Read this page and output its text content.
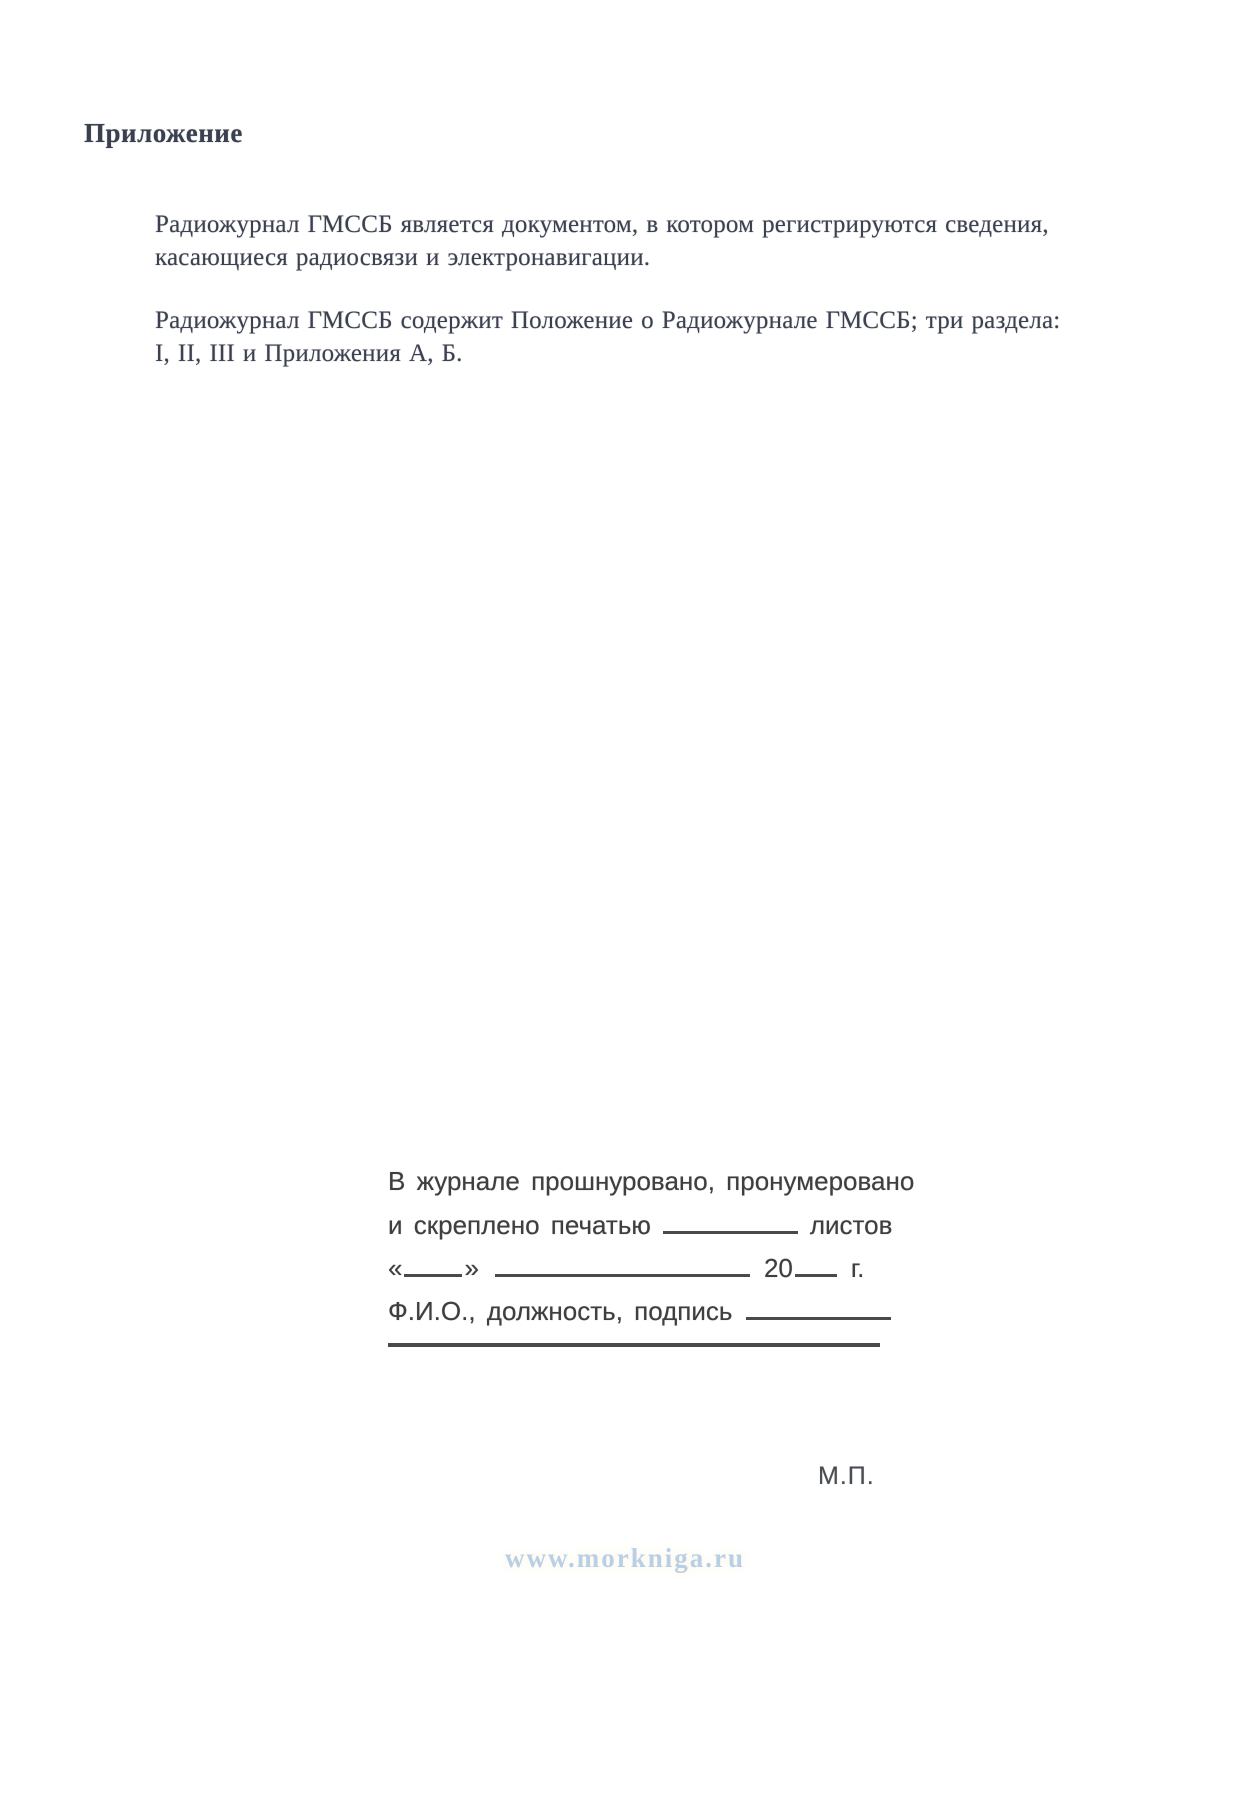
Приложение

Радиожурнал ГМССБ является документом, в котором регистрируются сведения,
касающиеся радиосвязи и электронавигации.

Радиожурнал ГМССБ содержит Положение о Радиожурнале ГМССБ; три раздела:
I, II, III и Приложения А, Б.

В журнале прошнуровано, пронумеровано
и скреплено печатью	листов
« »	20 г.
Ф.И.О., должность, подпись
М.П.
www.morkniga.ru
